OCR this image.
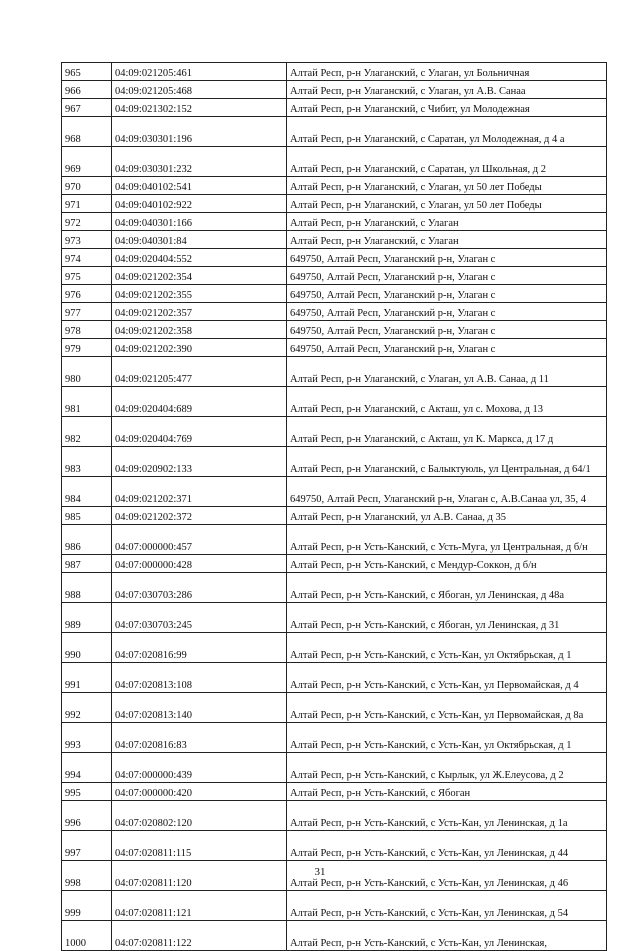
965	04:09:021205:461	Алтай Респ, р-н Улаганский, с Улаган, ул Больничная
966	04:09:021205:468	Алтай Респ, р-н Улаганский, с Улаган, ул А.В. Санаа
967	04:09:021302:152	Алтай Респ, р-н Улаганский, с Чибит, ул Молодежная
968	04:09:030301:196	Алтай Респ, р-н Улаганский, с Саратан, ул Молодежная, д 4 а
969	04:09:030301:232	Алтай Респ, р-н Улаганский, с Саратан, ул Школьная, д 2
970	04:09:040102:541	Алтай Респ, р-н Улаганский, с Улаган, ул 50 лет Победы
971	04:09:040102:922	Алтай Респ, р-н Улаганский, с Улаган, ул 50 лет Победы
972	04:09:040301:166	Алтай Респ, р-н Улаганский, с Улаган
973	04:09:040301:84	Алтай Респ, р-н Улаганский, с Улаган
974	04:09:020404:552	649750, Алтай Респ, Улаганский р-н, Улаган с
975	04:09:021202:354	649750, Алтай Респ, Улаганский р-н, Улаган с
976	04:09:021202:355	649750, Алтай Респ, Улаганский р-н, Улаган с
977	04:09:021202:357	649750, Алтай Респ, Улаганский р-н, Улаган с
978	04:09:021202:358	649750, Алтай Респ, Улаганский р-н, Улаган с
979	04:09:021202:390	649750, Алтай Респ, Улаганский р-н, Улаган с
980	04:09:021205:477	Алтай Респ, р-н Улаганский, с Улаган, ул А.В. Санаа, д 11
981	04:09:020404:689	Алтай Респ, р-н Улаганский, с Акташ, ул с. Мохова, д 13
982	04:09:020404:769	Алтай Респ, р-н Улаганский, с Акташ, ул К. Маркса, д 17 д
983	04:09:020902:133	Алтай Респ, р-н Улаганский, с Балыктуюль, ул Центральная, д 64/1
984	04:09:021202:371	649750, Алтай Респ, Улаганский р-н, Улаган с, А.В.Санаа ул, 35, 4
985	04:09:021202:372	Алтай Респ, р-н Улаганский, ул А.В. Санаа, д 35
986	04:07:000000:457	Алтай Респ, р-н Усть-Канский, с Усть-Муга, ул Центральная, д б/н
987	04:07:000000:428	Алтай Респ, р-н Усть-Канский, с Мендур-Соккон, д б/н
988	04:07:030703:286	Алтай Респ, р-н Усть-Канский, с Ябоган, ул Ленинская, д 48а
989	04:07:030703:245	Алтай Респ, р-н Усть-Канский, с Ябоган, ул Ленинская, д 31
990	04:07:020816:99	Алтай Респ, р-н Усть-Канский, с Усть-Кан, ул Октябрьская, д 1
991	04:07:020813:108	Алтай Респ, р-н Усть-Канский, с Усть-Кан, ул Первомайская, д 4
992	04:07:020813:140	Алтай Респ, р-н Усть-Канский, с Усть-Кан, ул Первомайская, д 8а
993	04:07:020816:83	Алтай Респ, р-н Усть-Канский, с Усть-Кан, ул Октябрьская, д 1
994	04:07:000000:439	Алтай Респ, р-н Усть-Канский, с Кырлык, ул Ж.Елеусова, д 2
995	04:07:000000:420	Алтай Респ, р-н Усть-Канский, с Ябоган
996	04:07:020802:120	Алтай Респ, р-н Усть-Канский, с Усть-Кан, ул Ленинская, д 1а
997	04:07:020811:115	Алтай Респ, р-н Усть-Канский, с Усть-Кан, ул Ленинская, д 44
998	04:07:020811:120	Алтай Респ, р-н Усть-Канский, с Усть-Кан, ул Ленинская, д 46
999	04:07:020811:121	Алтай Респ, р-н Усть-Канский, с Усть-Кан, ул Ленинская, д 54
1000	04:07:020811:122	Алтай Респ, р-н Усть-Канский, с Усть-Кан, ул Ленинская,
31
